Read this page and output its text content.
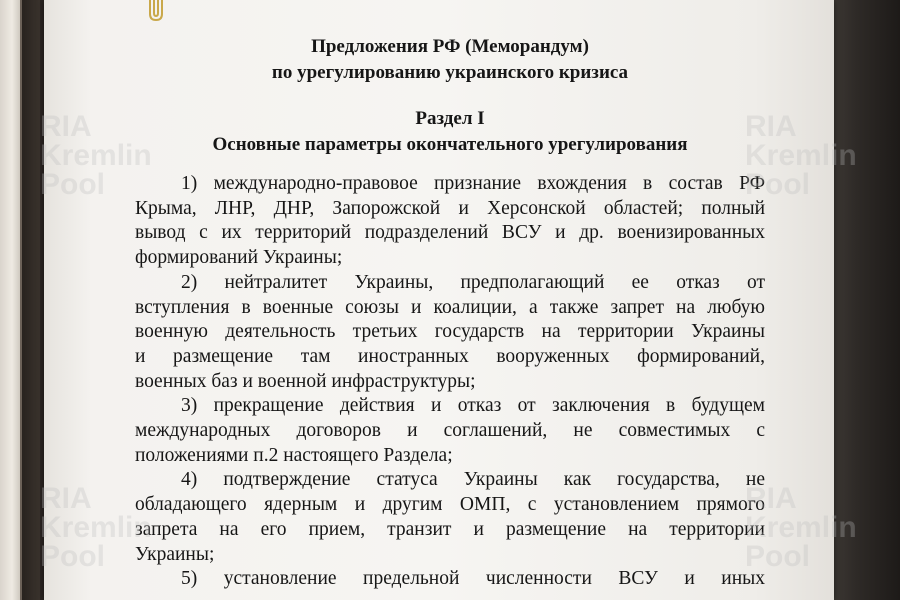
Предложения РФ (Меморандум)

по урегулированию украинского кризиса

Раздел I

Основные параметры окончательного урегулирования

1) международно-правовое признание вхождения в состав РФ

Крыма, ЛНР, ДНР, Запорожской и Херсонской областей; полный

вывод с их территорий подразделений ВСУ и др. военизированных

формирований Украины;

2) нейтралитет Украины, предполагающий ее отказ от

вступления в военные союзы и коалиции, а также запрет на любую

военную деятельность третьих государств на территории Украины

и размещение там иностранных вооруженных формирований,

военных баз и военной инфраструктуры;

3) прекращение действия и отказ от заключения в будущем

международных договоров и соглашений, не совместимых с

положениями п.2 настоящего Раздела;

4) подтверждение статуса Украины как государства, не

обладающего ядерным и другим ОМП, с установлением прямого

запрета на его прием, транзит и размещение на территории

Украины;

5) установление предельной численности ВСУ и иных

RIA
Kremlin
Pool
RIA
Kremlin
Pool
RIA
Kremlin
Pool
RIA
Kremlin
Pool
